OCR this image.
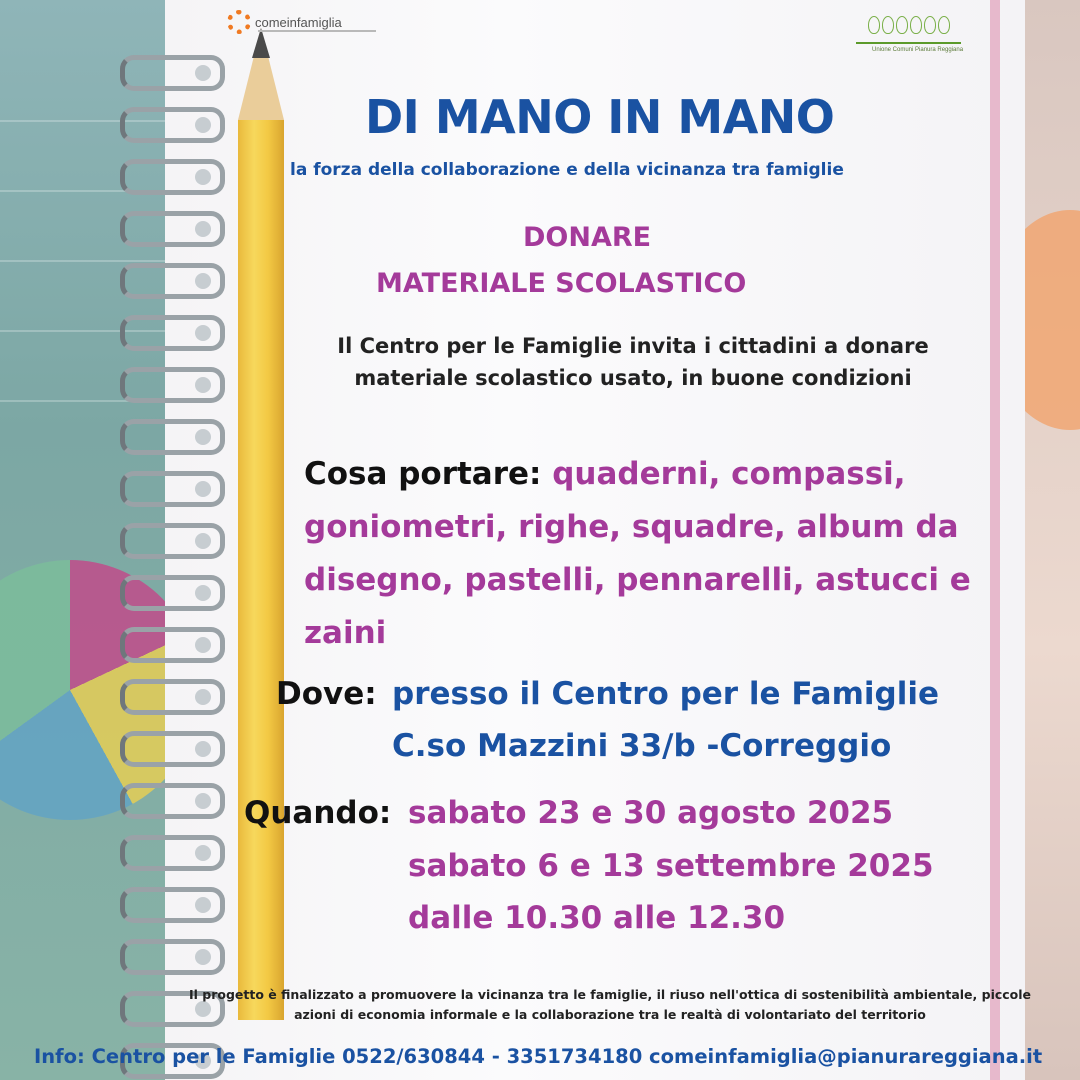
comeinfamiglia
Unione Comuni Pianura Reggiana
DI MANO IN MANO
la forza della collaborazione e della vicinanza tra famiglie
DONARE
MATERIALE SCOLASTICO
Il Centro per le Famiglie invita i cittadini a donare materiale scolastico usato, in buone condizioni
Cosa portare: quaderni, compassi, goniometri, righe, squadre, album da disegno, pastelli, pennarelli, astucci e zaini
Dove: presso il Centro per le Famiglie
C.so Mazzini 33/b -Correggio
Quando: sabato 23 e 30 agosto 2025
sabato 6 e 13 settembre 2025
dalle 10.30 alle 12.30
Il progetto è finalizzato a promuovere la vicinanza tra le famiglie, il riuso nell'ottica di sostenibilità ambientale, piccole azioni di economia informale e la collaborazione tra le realtà di volontariato del territorio
Info: Centro per le Famiglie 0522/630844 - 3351734180 comeinfamiglia@pianurareggiana.it
